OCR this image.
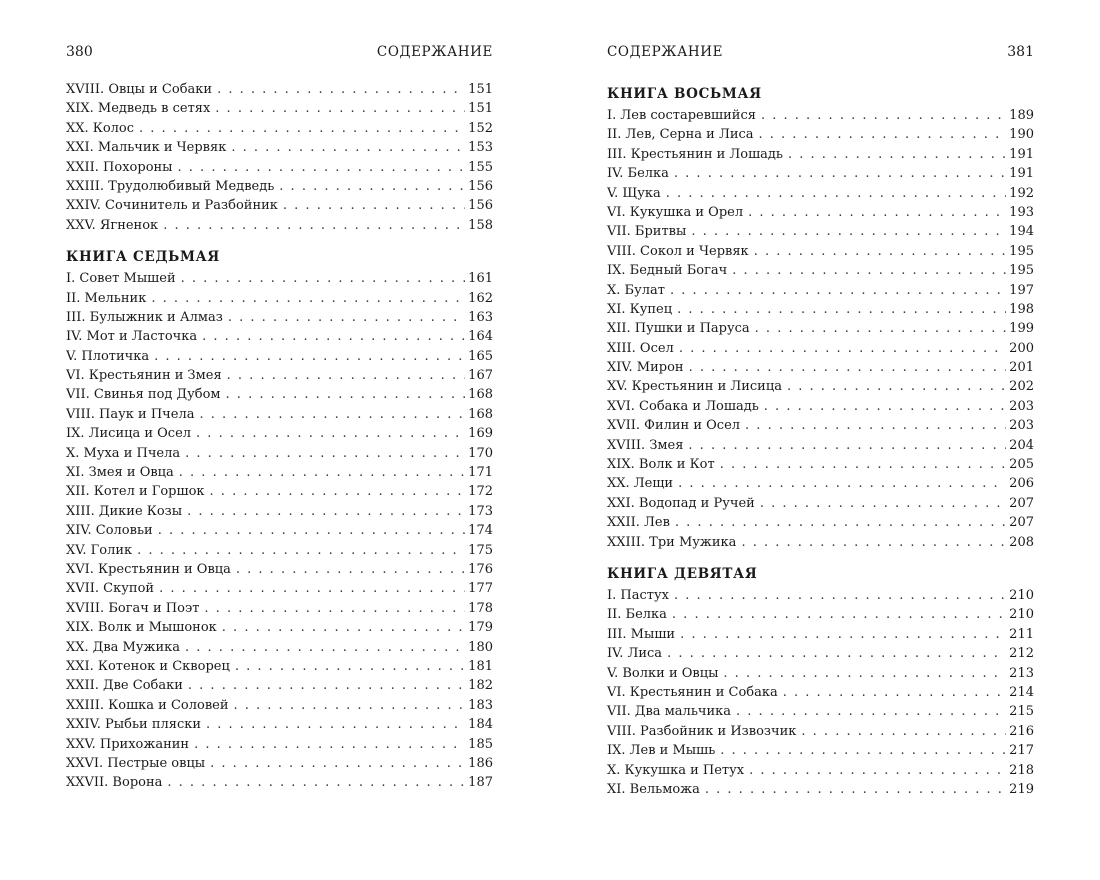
380	СОДЕРЖАНИЕ
XVIII. Овцы и Собаки . . .	151
XIX. Медведь в сетях . . .	151
XX. Колос . . .	152
XXI. Мальчик и Червяк . . .	153
XXII. Похороны . . .	155
XXIII. Трудолюбивый Медведь . . .	156
XXIV. Сочинитель и Разбойник . . .	156
XXV. Ягненок . . .	158
КНИГА СЕДЬМАЯ
I. Совет Мышей . . .	161
II. Мельник . . .	162
III. Булыжник и Алмаз . . .	163
IV. Мот и Ласточка . . .	164
V. Плотичка . . .	165
VI. Крестьянин и Змея . . .	167
VII. Свинья под Дубом . . .	168
VIII. Паук и Пчела . . .	168
IX. Лисица и Осел . . .	169
X. Муха и Пчела . . .	170
XI. Змея и Овца . . .	171
XII. Котел и Горшок . . .	172
XIII. Дикие Козы . . .	173
XIV. Соловьи . . .	174
XV. Голик . . .	175
XVI. Крестьянин и Овца . . .	176
XVII. Скупой . . .	177
XVIII. Богач и Поэт . . .	178
XIX. Волк и Мышонок . . .	179
XX. Два Мужика . . .	180
XXI. Котенок и Скворец . . .	181
XXII. Две Собаки . . .	182
XXIII. Кошка и Соловей . . .	183
XXIV. Рыбьи пляски . . .	184
XXV. Прихожанин . . .	185
XXVI. Пестрые овцы . . .	186
XXVII. Ворона . . .	187
СОДЕРЖАНИЕ	381
КНИГА ВОСЬМАЯ
I. Лев состаревшийся . . .	189
II. Лев, Серна и Лиса . . .	190
III. Крестьянин и Лошадь . . .	191
IV. Белка . . .	191
V. Щука . . .	192
VI. Кукушка и Орел . . .	193
VII. Бритвы . . .	194
VIII. Сокол и Червяк . . .	195
IX. Бедный Богач . . .	195
X. Булат . . .	197
XI. Купец . . .	198
XII. Пушки и Паруса . . .	199
XIII. Осел . . .	200
XIV. Мирон . . .	201
XV. Крестьянин и Лисица . . .	202
XVI. Собака и Лошадь . . .	203
XVII. Филин и Осел . . .	203
XVIII. Змея . . .	204
XIX. Волк и Кот . . .	205
XX. Лещи . . .	206
XXI. Водопад и Ручей . . .	207
XXII. Лев . . .	207
XXIII. Три Мужика . . .	208
КНИГА ДЕВЯТАЯ
I. Пастух . . .	210
II. Белка . . .	210
III. Мыши . . .	211
IV. Лиса . . .	212
V. Волки и Овцы . . .	213
VI. Крестьянин и Собака . . .	214
VII. Два мальчика . . .	215
VIII. Разбойник и Извозчик . . .	216
IX. Лев и Мышь . . .	217
X. Кукушка и Петух . . .	218
XI. Вельможа . . .	219
